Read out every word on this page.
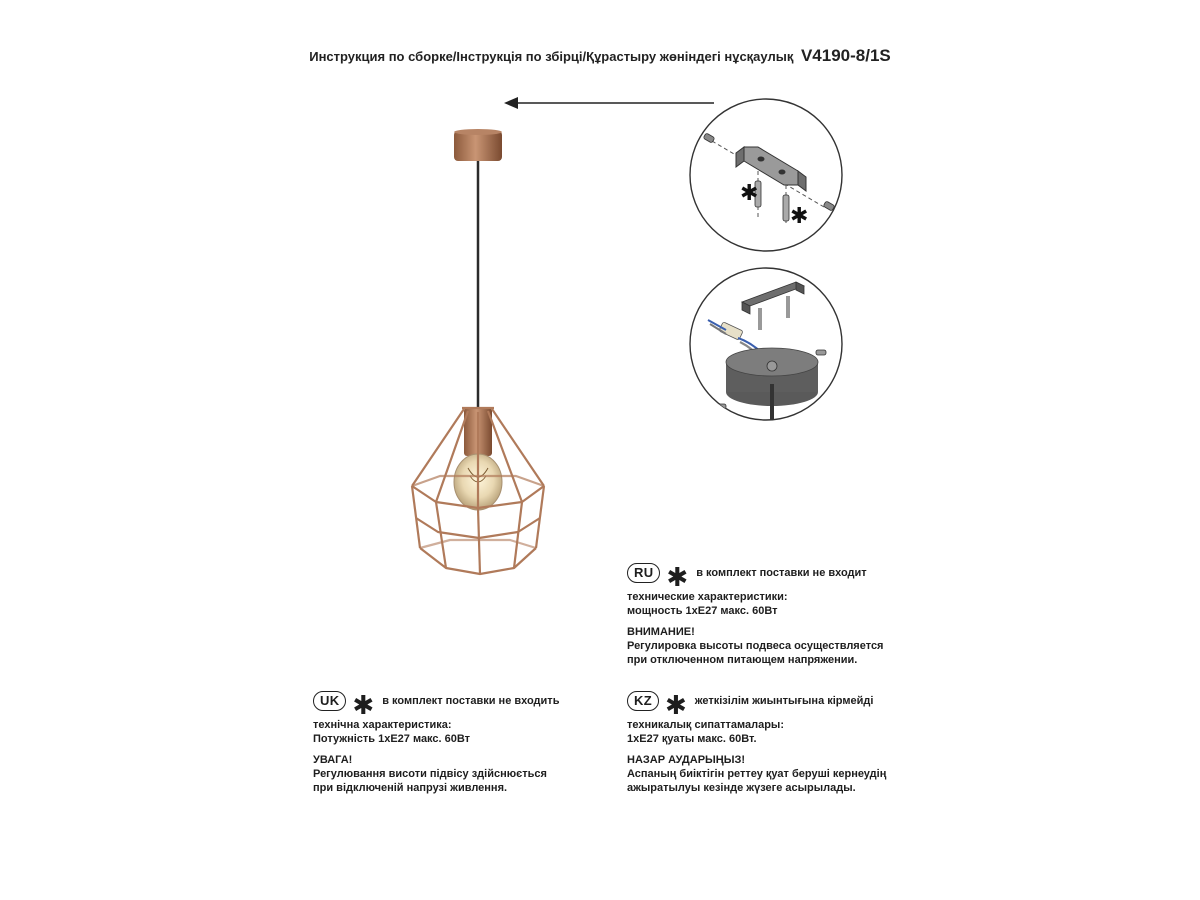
Инструкция по сборке/Інструкція по збірці/Құрастыру жөніндегі нұсқаулық V4190-8/1S
✱
✱
RU ✱ в комплект поставки не входит
технические характеристики:
мощность 1хE27 макс. 60Вт
ВНИМАНИЕ!
Регулировка высоты подвеса осуществляется
при отключенном питающем напряжении.
UK ✱ в комплект поставки не входить
технічна характеристика:
Потужність 1хE27 макс. 60Вт
УВАГА!
Регулювання висоти підвісу здійснюється
при відключеній напрузі живлення.
KZ ✱ жеткізілім жиынтығына кірмейді
техникалық сипаттамалары:
1хE27 қуаты макс. 60Вт.
НАЗАР АУДАРЫҢЫЗ!
Аспаның биіктігін реттеу қуат беруші кернеудің
ажыратылуы кезінде жүзеге асырылады.
